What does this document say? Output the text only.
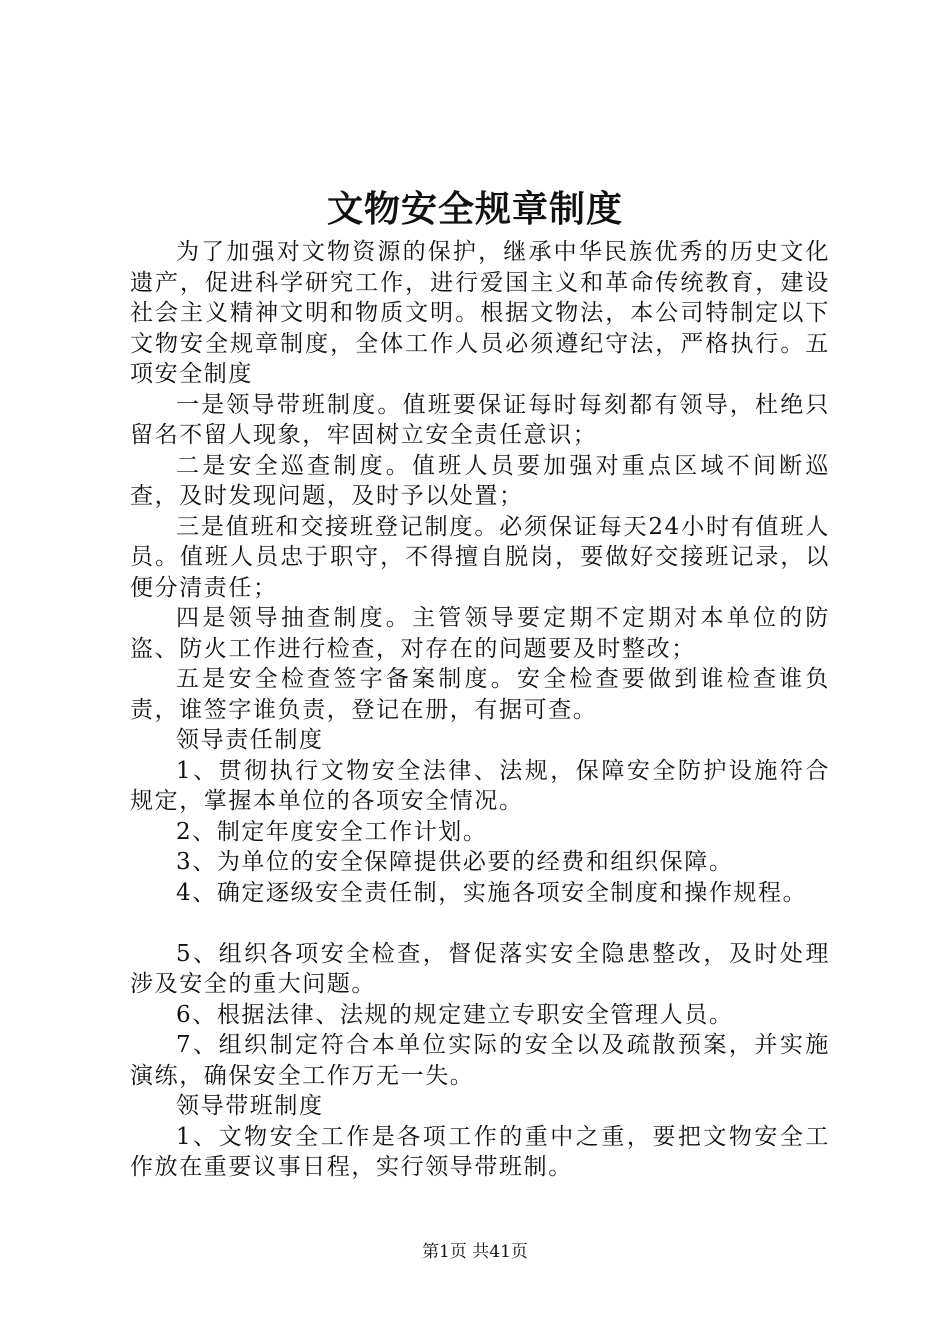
文物安全规章制度

为了加强对文物资源的保护，继承中华民族优秀的历史文化遗产，促进科学研究工作，进行爱国主义和革命传统教育，建设社会主义精神文明和物质文明。根据文物法，本公司特制定以下文物安全规章制度，全体工作人员必须遵纪守法，严格执行。五项安全制度

一是领导带班制度。值班要保证每时每刻都有领导，杜绝只留名不留人现象，牢固树立安全责任意识；

二是安全巡查制度。值班人员要加强对重点区域不间断巡查，及时发现问题，及时予以处置；

三是值班和交接班登记制度。必须保证每天24小时有值班人员。值班人员忠于职守，不得擅自脱岗，要做好交接班记录，以便分清责任；

四是领导抽查制度。主管领导要定期不定期对本单位的防盗、防火工作进行检查，对存在的问题要及时整改；

五是安全检查签字备案制度。安全检查要做到谁检查谁负责，谁签字谁负责，登记在册，有据可查。

领导责任制度

1、贯彻执行文物安全法律、法规，保障安全防护设施符合规定，掌握本单位的各项安全情况。

2、制定年度安全工作计划。

3、为单位的安全保障提供必要的经费和组织保障。

4、确定逐级安全责任制，实施各项安全制度和操作规程。

5、组织各项安全检查，督促落实安全隐患整改，及时处理涉及安全的重大问题。

6、根据法律、法规的规定建立专职安全管理人员。

7、组织制定符合本单位实际的安全以及疏散预案，并实施演练，确保安全工作万无一失。

领导带班制度

1、文物安全工作是各项工作的重中之重，要把文物安全工作放在重要议事日程，实行领导带班制。

第1页 共41页
